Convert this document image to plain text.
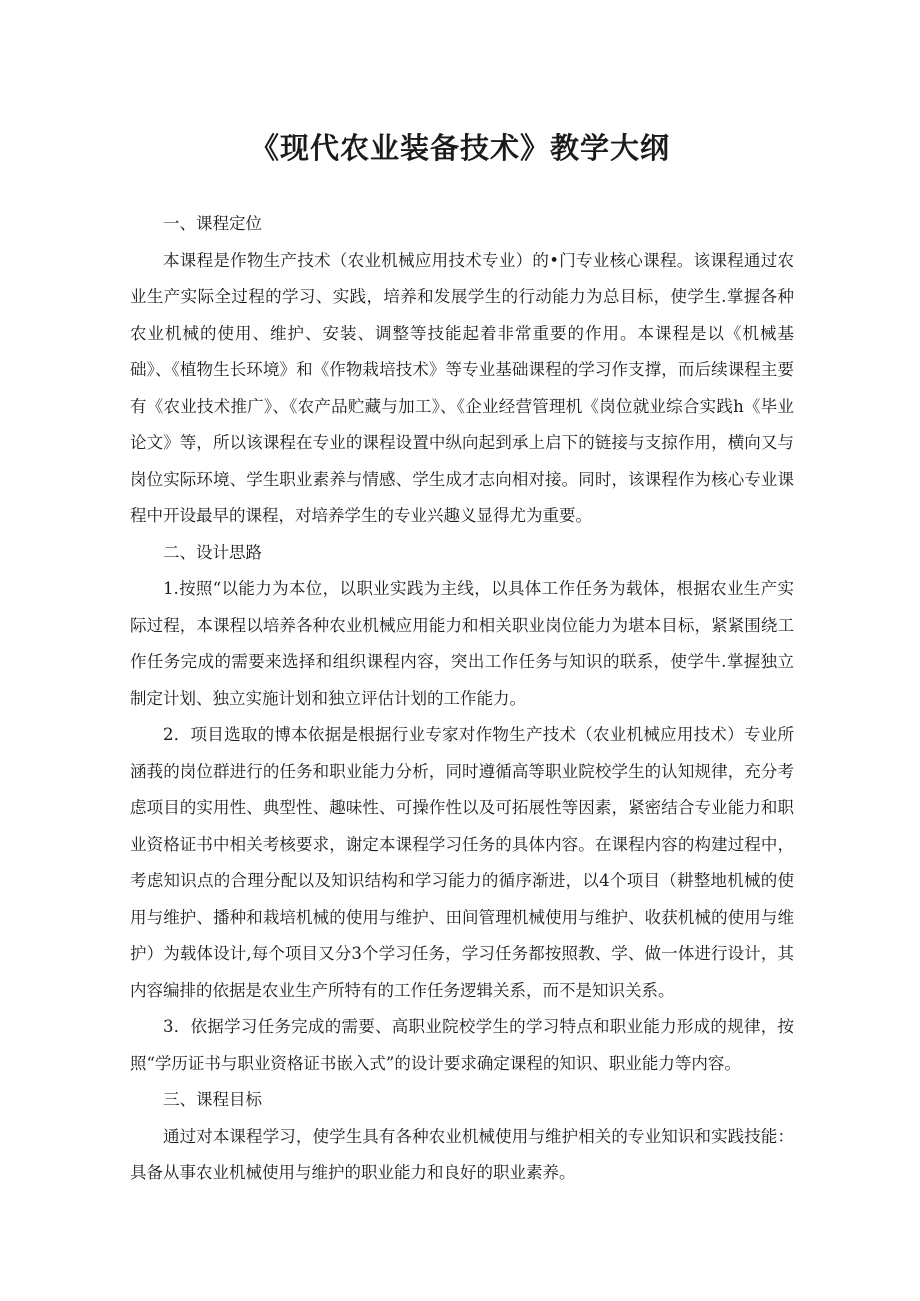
《现代农业装备技术》教学大纲

一、课程定位

本课程是作物生产技术（农业机械应用技术专业）的•门专业核心课程。该课程通过农业生产实际全过程的学习、实践，培养和发展学生的行动能力为总目标，使学生.掌握各种农业机械的使用、维护、安装、调整等技能起着非常重要的作用。本课程是以《机械基础》、《植物生长环境》和《作物栽培技术》等专业基础课程的学习作支撑，而后续课程主要有《农业技术推广》、《农产品贮藏与加工》、《企业经营管理机《岗位就业综合实践h《毕业论文》等，所以该课程在专业的课程设置中纵向起到承上启下的链接与支掠作用，横向又与岗位实际环境、学生职业素养与情感、学生成才志向相对接。同时，该课程作为核心专业课程中开设最早的课程，对培养学生的专业兴趣义显得尤为重要。

二、设计思路

1.按照“以能力为本位，以职业实践为主线，以具体工作任务为载体，根据农业生产实际过程，本课程以培养各种农业机械应用能力和相关职业岗位能力为堪本目标，紧紧围绕工作任务完成的需要来选择和组织课程内容，突出工作任务与知识的联系，使学牛.掌握独立制定计划、独立实施计划和独立评估计划的工作能力。

2．项目选取的博本依据是根据行业专家对作物生产技术（农业机械应用技术）专业所涵莪的岗位群进行的任务和职业能力分析，同时遵循高等职业院校学生的认知规律，充分考虑项目的实用性、典型性、趣味性、可操作性以及可拓展性等因素，紧密结合专业能力和职业资格证书中相关考核要求，谢定本课程学习任务的具体内容。在课程内容的构建过程中，考虑知识点的合理分配以及知识结构和学习能力的循序渐进，以4个项目（耕整地机械的使用与维护、播种和栽培机械的使用与维护、田间管理机械使用与维护、收获机械的使用与维护）为载体设计,每个项目又分3个学习任务，学习任务都按照教、学、做一体进行设计，其内容编排的依据是农业生产所特有的工作任务逻辑关系，而不是知识关系。

3．依据学习任务完成的需要、高职业院校学生的学习特点和职业能力形成的规律，按照“学历证书与职业资格证书嵌入式”的设计要求确定课程的知识、职业能力等内容。

三、课程目标

通过对本课程学习，使学生具有各种农业机械使用与维护相关的专业知识和实践技能：具备从事农业机械使用与维护的职业能力和良好的职业素养。
